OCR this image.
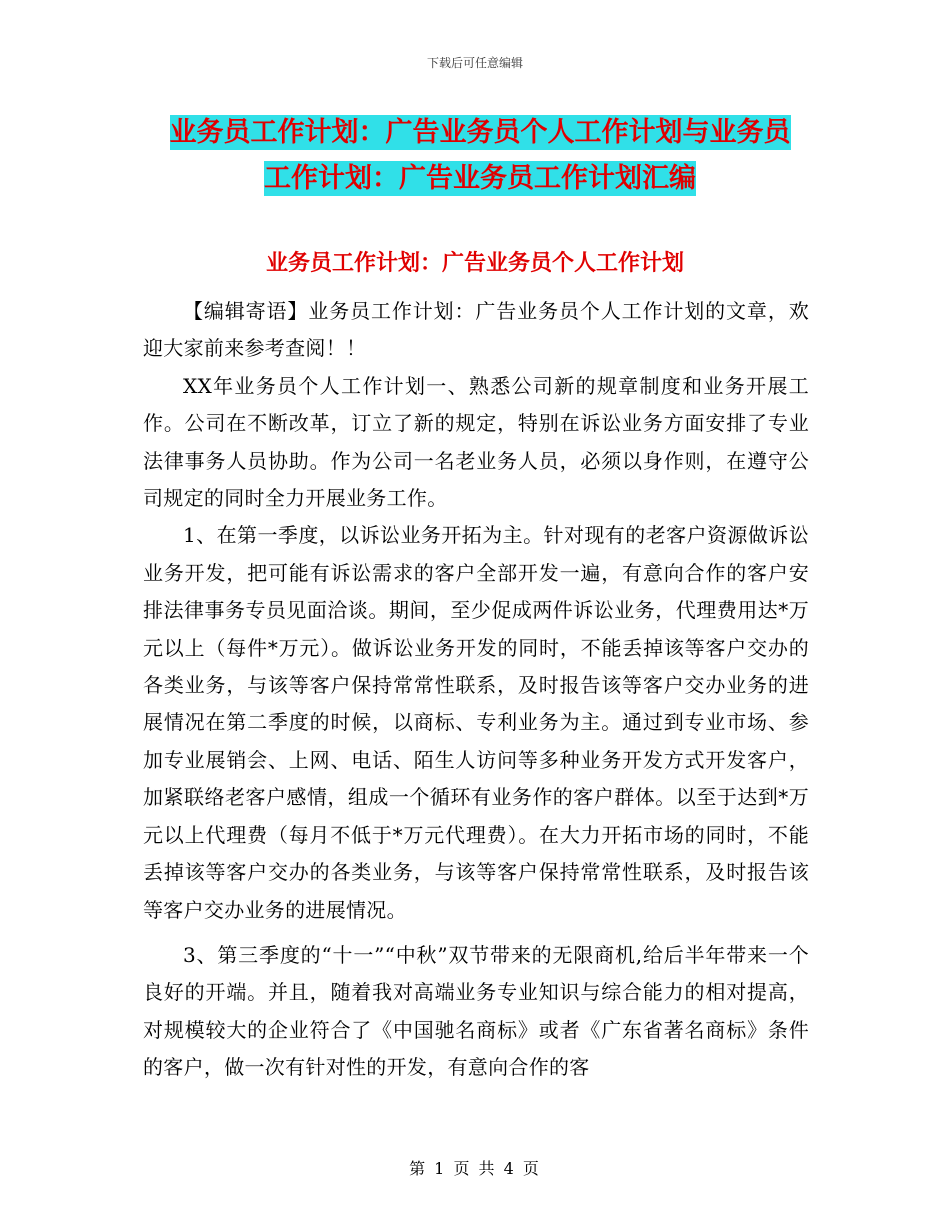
下载后可任意编辑
业务员工作计划：广告业务员个人工作计划与业务员
工作计划：广告业务员工作计划汇编
业务员工作计划：广告业务员个人工作计划

【编辑寄语】业务员工作计划：广告业务员个人工作计划的文章，欢迎大家前来参考查阅！！

XX年业务员个人工作计划一、熟悉公司新的规章制度和业务开展工作。公司在不断改革，订立了新的规定，特别在诉讼业务方面安排了专业法律事务人员协助。作为公司一名老业务人员，必须以身作则，在遵守公司规定的同时全力开展业务工作。

1、在第一季度，以诉讼业务开拓为主。针对现有的老客户资源做诉讼业务开发，把可能有诉讼需求的客户全部开发一遍，有意向合作的客户安排法律事务专员见面洽谈。期间，至少促成两件诉讼业务，代理费用达*万元以上（每件*万元）。做诉讼业务开发的同时，不能丢掉该等客户交办的各类业务，与该等客户保持常常性联系，及时报告该等客户交办业务的进展情况在第二季度的时候，以商标、专利业务为主。通过到专业市场、参加专业展销会、上网、电话、陌生人访问等多种业务开发方式开发客户，加紧联络老客户感情，组成一个循环有业务作的客户群体。以至于达到*万元以上代理费（每月不低于*万元代理费）。在大力开拓市场的同时，不能丢掉该等客户交办的各类业务，与该等客户保持常常性联系，及时报告该等客户交办业务的进展情况。

3、第三季度的“十一”“中秋”双节带来的无限商机,给后半年带来一个良好的开端。并且，随着我对高端业务专业知识与综合能力的相对提高，对规模较大的企业符合了《中国驰名商标》或者《广东省著名商标》条件的客户，做一次有针对性的开发，有意向合作的客

第 1 页 共 4 页
